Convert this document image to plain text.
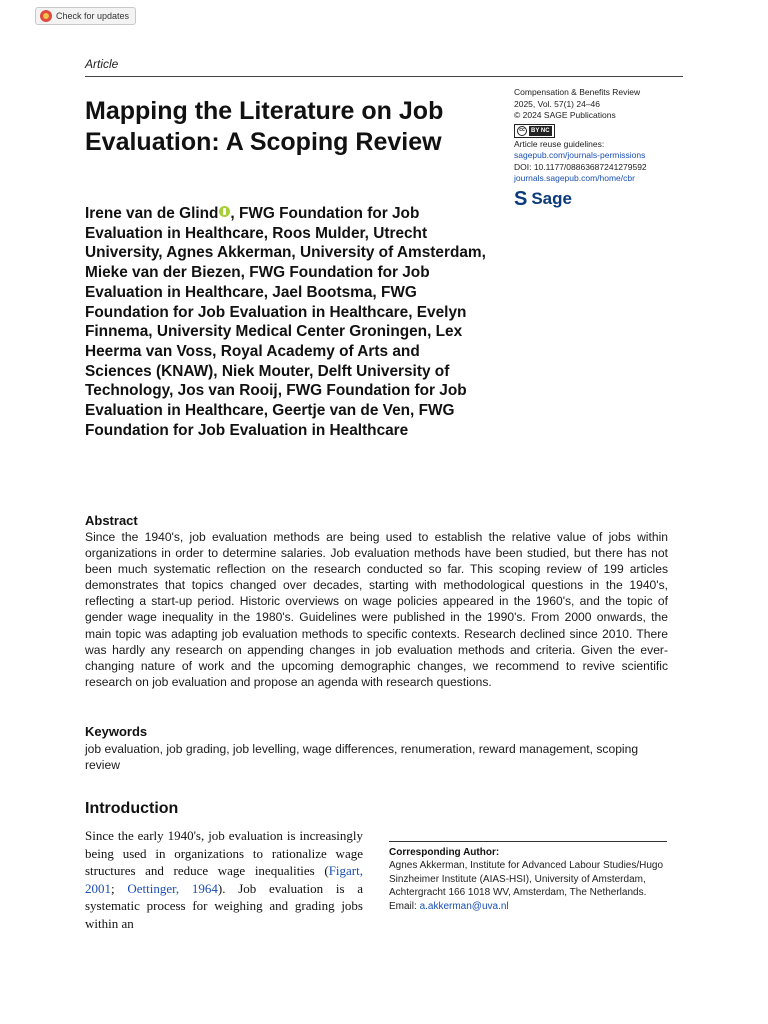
Check for updates
Article
Mapping the Literature on Job Evaluation: A Scoping Review
Compensation & Benefits Review
2025, Vol. 57(1) 24–46
© 2024 SAGE Publications
cc	BY NC
Article reuse guidelines:
sagepub.com/journals-permissions
DOI: 10.1177/08863687241279592
journals.sagepub.com/home/cbr
S Sage
Irene van de Glind , FWG Foundation for Job Evaluation in Healthcare, Roos Mulder, Utrecht University, Agnes Akkerman, University of Amsterdam, Mieke van der Biezen, FWG Foundation for Job Evaluation in Healthcare, Jael Bootsma, FWG Foundation for Job Evaluation in Healthcare, Evelyn Finnema, University Medical Center Groningen, Lex Heerma van Voss, Royal Academy of Arts and Sciences (KNAW), Niek Mouter, Delft University of Technology, Jos van Rooij, FWG Foundation for Job Evaluation in Healthcare, Geertje van de Ven, FWG Foundation for Job Evaluation in Healthcare
Abstract
Since the 1940's, job evaluation methods are being used to establish the relative value of jobs within organizations in order to determine salaries. Job evaluation methods have been studied, but there has not been much systematic reflection on the research conducted so far. This scoping review of 199 articles demonstrates that topics changed over decades, starting with methodological questions in the 1940's, reflecting a start-up period. Historic overviews on wage policies appeared in the 1960's, and the topic of gender wage inequality in the 1980's. Guidelines were published in the 1990's. From 2000 onwards, the main topic was adapting job evaluation methods to specific contexts. Research declined since 2010. There was hardly any research on appending changes in job evaluation methods and criteria. Given the ever-changing nature of work and the upcoming demographic changes, we recommend to revive scientific research on job evaluation and propose an agenda with research questions.
Keywords
job evaluation, job grading, job levelling, wage differences, renumeration, reward management, scoping review
Introduction
Since the early 1940's, job evaluation is increasingly being used in organizations to rationalize wage structures and reduce wage inequalities (Figart, 2001; Oettinger, 1964). Job evaluation is a systematic process for weighing and grading jobs within an
Corresponding Author:
Agnes Akkerman, Institute for Advanced Labour Studies/Hugo Sinzheimer Institute (AIAS-HSI), University of Amsterdam, Achtergracht 166 1018 WV, Amsterdam, The Netherlands.
Email: a.akkerman@uva.nl
